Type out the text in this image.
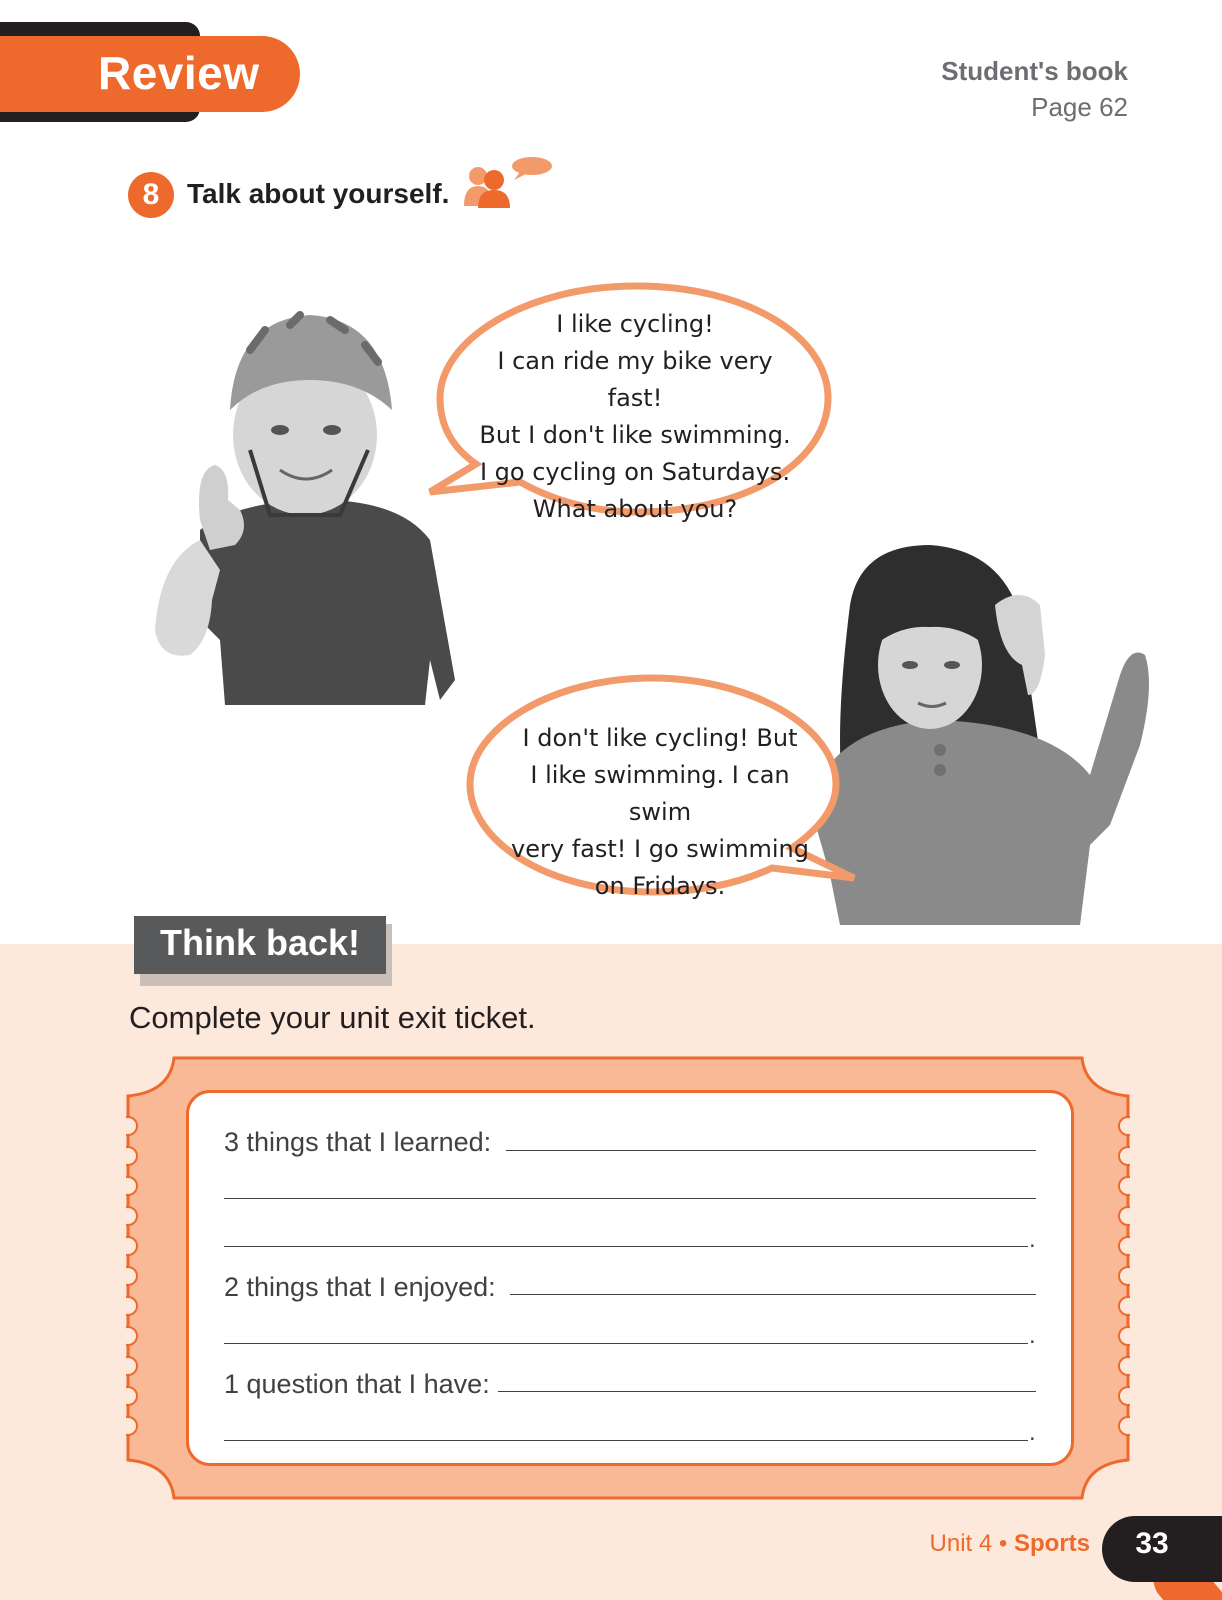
Review	Student's book
Page 62
8 Talk about yourself.
I like cycling!
I can ride my bike very fast!
But I don't like swimming.
I go cycling on Saturdays.
What about you?
I don't like cycling! But
I like swimming. I can swim
very fast! I go swimming
on Fridays.
Think back!
Complete your unit exit ticket.
3 things that I learned:
.
2 things that I enjoyed:
.
1 question that I have:
.
Unit 4 • Sports	33
